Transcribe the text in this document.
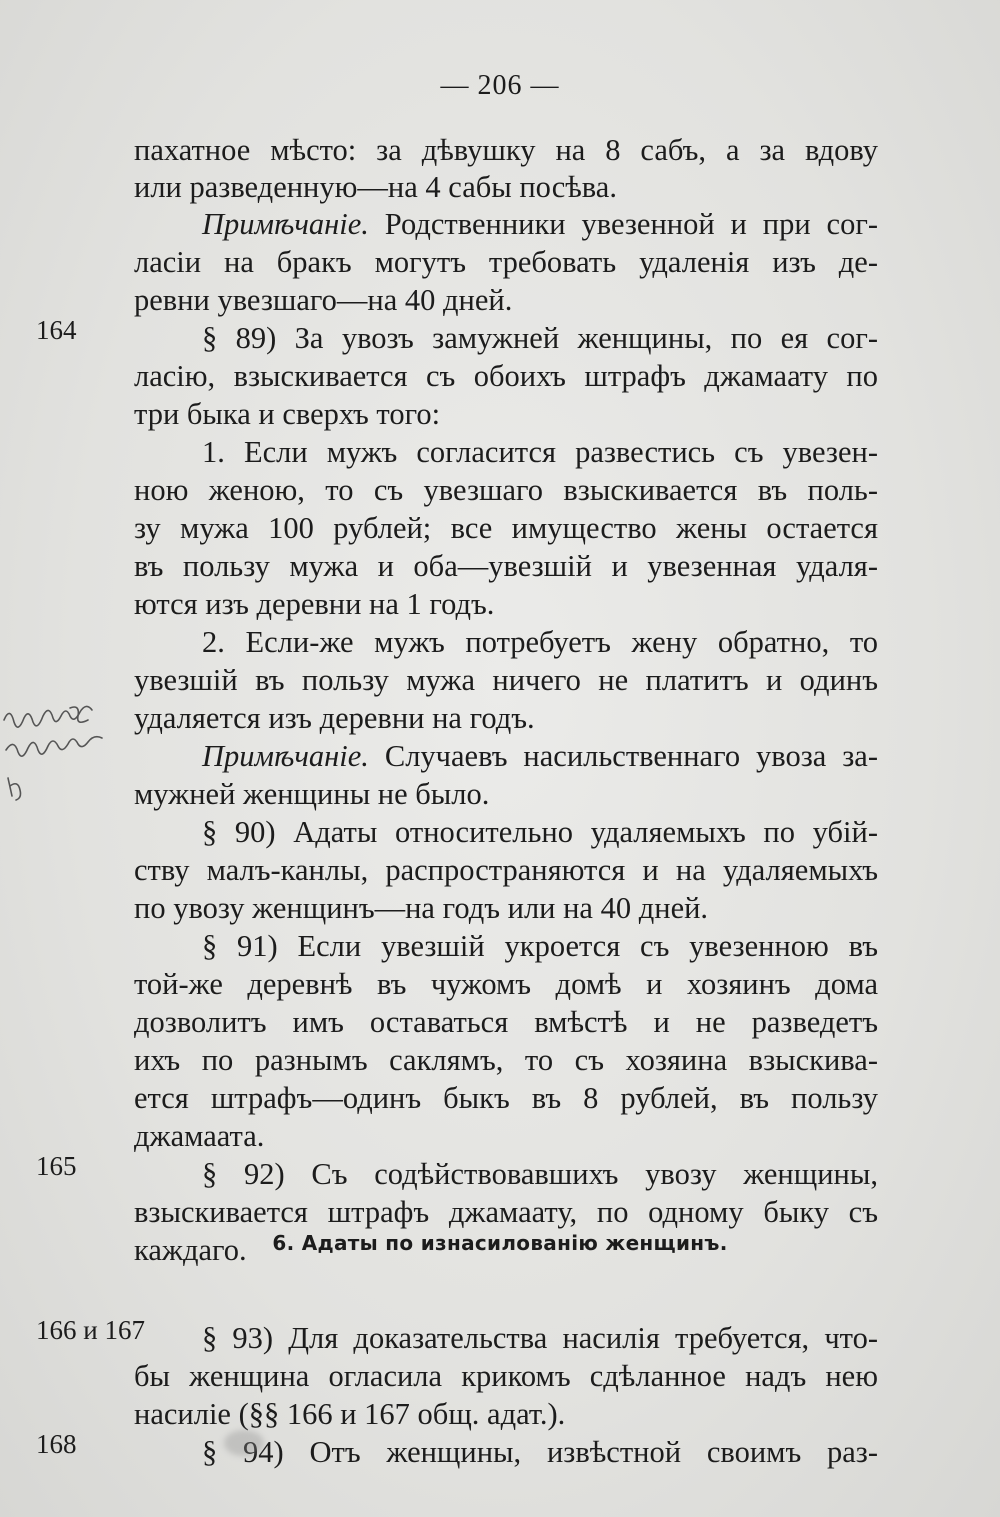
— 206 —
пахатное мѣсто: за дѣвушку на 8 сабъ, а за вдову
или разведенную—на 4 сабы посѣва.
Примѣчаніе. Родственники увезенной и при сог-
ласіи на бракъ могутъ требовать удаленія изъ де-
ревни увезшаго—на 40 дней.
§ 89) За увозъ замужней женщины, по ея сог-
ласію, взыскивается съ обоихъ штрафъ джамаату по
три быка и сверхъ того:
1. Если мужъ согласится развестись съ увезен-
ною женою, то съ увезшаго взыскивается въ поль-
зу мужа 100 рублей; все имущество жены остается
въ пользу мужа и оба—увезшій и увезенная удаля-
ются изъ деревни на 1 годъ.
2. Если-же мужъ потребуетъ жену обратно, то
увезшій въ пользу мужа ничего не платитъ и одинъ
удаляется изъ деревни на годъ.
Примѣчаніе. Случаевъ насильственнаго увоза за-
мужней женщины не было.
§ 90) Адаты относительно удаляемыхъ по убій-
ству малъ-канлы, распространяются и на удаляемыхъ
по увозу женщинъ—на годъ или на 40 дней.
§ 91) Если увезшій укроется съ увезенною въ
той-же деревнѣ въ чужомъ домѣ и хозяинъ дома
дозволитъ имъ оставаться вмѣстѣ и не разведетъ
ихъ по разнымъ саклямъ, то съ хозяина взыскива-
ется штрафъ—одинъ быкъ въ 8 рублей, въ пользу
джамаата.
§ 92) Съ содѣйствовавшихъ увозу женщины,
взыскивается штрафъ джамаату, по одному быку съ
каждаго.
§ 93) Для доказательства насилія требуется, что-
бы женщина огласила крикомъ сдѣланное надъ нею
насиліе (§§ 166 и 167 общ. адат.).
§ 94) Отъ женщины, извѣстной своимъ раз-
6. Адаты по изнасилованію женщинъ.
164
165
166 и 167
168
